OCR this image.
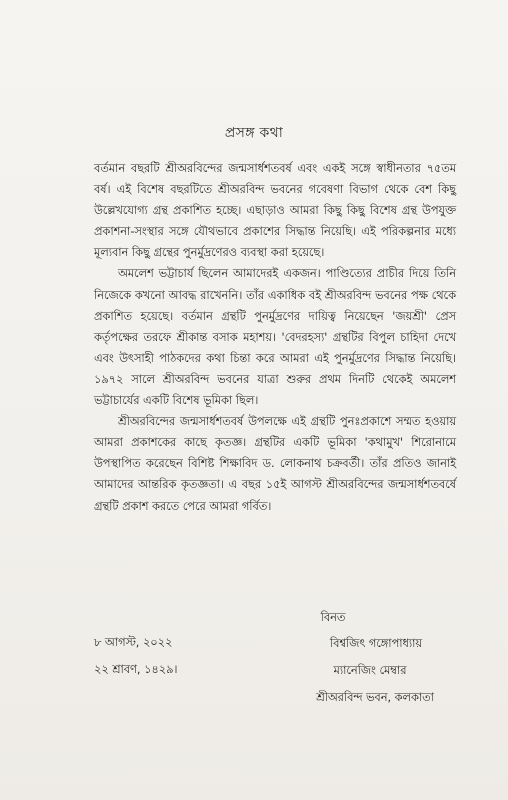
প্রসঙ্গ কথা

বর্তমান বছরটি শ্রীঅরবিন্দের জন্মসার্ধশতবর্ষ এবং একই সঙ্গে স্বাধীনতার ৭৫তম বর্ষ। এই বিশেষ বছরটিতে শ্রীঅরবিন্দ ভবনের গবেষণা বিভাগ থেকে বেশ কিছু উল্লেখযোগ্য গ্রন্থ প্রকাশিত হচ্ছে। এছাড়াও আমরা কিছু কিছু বিশেষ গ্রন্থ উপযুক্ত প্রকাশনা-সংস্থার সঙ্গে যৌথভাবে প্রকাশের সিদ্ধান্ত নিয়েছি। এই পরিকল্পনার মধ্যে মূল্যবান কিছু গ্রন্থের পুনর্মুদ্রণেরও ব্যবস্থা করা হয়েছে।

অমলেশ ভট্টাচার্য ছিলেন আমাদেরই একজন। পাণ্ডিত্যের প্রাচীর দিয়ে তিনি নিজেকে কখনো আবদ্ধ রাখেননি। তাঁর একাধিক বই শ্রীঅরবিন্দ ভবনের পক্ষ থেকে প্রকাশিত হয়েছে। বর্তমান গ্রন্থটি পুনর্মুদ্রণের দায়িত্ব নিয়েছেন 'জয়শ্রী' প্রেস কর্তৃপক্ষের তরফে শ্রীকান্ত বসাক মহাশয়। 'বেদরহস্য' গ্রন্থটির বিপুল চাহিদা দেখে এবং উৎসাহী পাঠকদের কথা চিন্তা করে আমরা এই পুনর্মুদ্রণের সিদ্ধান্ত নিয়েছি। ১৯৭২ সালে শ্রীঅরবিন্দ ভবনের যাত্রা শুরুর প্রথম দিনটি থেকেই অমলেশ ভট্টাচার্যের একটি বিশেষ ভূমিকা ছিল।

শ্রীঅরবিন্দের জন্মসার্ধশতবর্ষ উপলক্ষে এই গ্রন্থটি পুনঃপ্রকাশে সম্মত হওয়ায় আমরা প্রকাশকের কাছে কৃতজ্ঞ। গ্রন্থটির একটি ভূমিকা 'কথামুখ' শিরোনামে উপস্থাপিত করেছেন বিশিষ্ট শিক্ষাবিদ ড. লোকনাথ চক্রবর্তী। তাঁর প্রতিও জানাই আমাদের আন্তরিক কৃতজ্ঞতা। এ বছর ১৫ই আগস্ট শ্রীঅরবিন্দের জন্মসার্ধশতবর্ষে গ্রন্থটি প্রকাশ করতে পেরে আমরা গর্বিত।

৮ আগস্ট, ২০২২
২২ শ্রাবণ, ১৪২৯।
বিনত
বিশ্বজিৎ গঙ্গোপাধ্যায়
ম্যানেজিং মেম্বার
শ্রীঅরবিন্দ ভবন, কলকাতা
